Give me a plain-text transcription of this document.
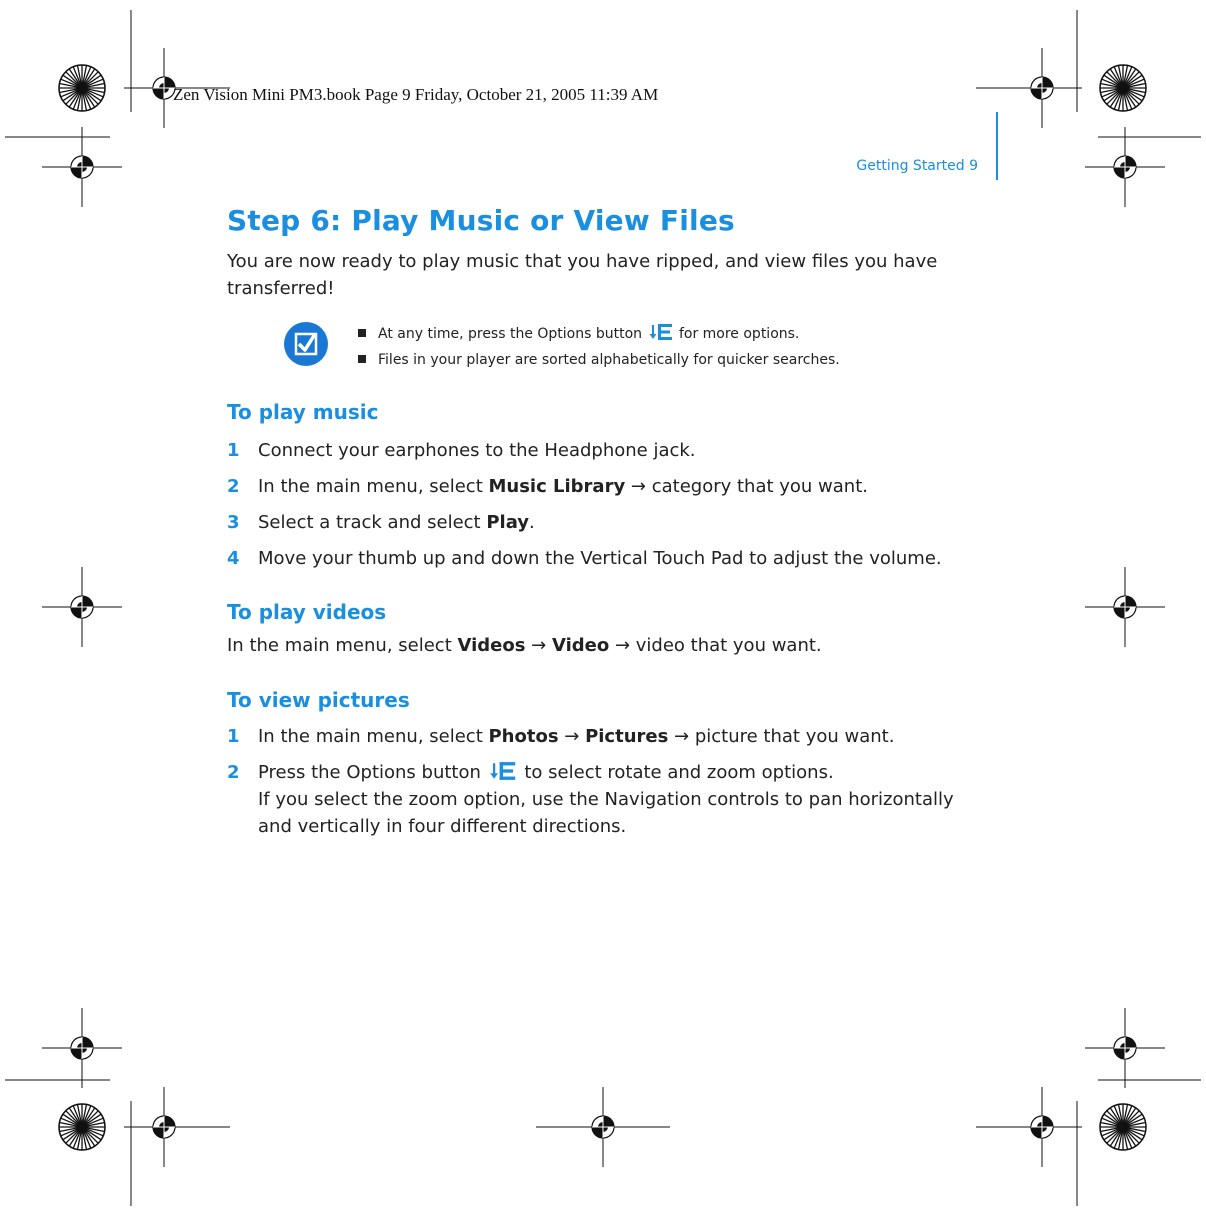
Zen Vision Mini PM3.book Page 9 Friday, October 21, 2005 11:39 AM
Getting Started 9
Step 6: Play Music or View Files
You are now ready to play music that you have ripped, and view files you have transferred!
At any time, press the Options button	for more options.
Files in your player are sorted alphabetically for quicker searches.
To play music
1 Connect your earphones to the Headphone jack.
2 In the main menu, select Music Library → category that you want.
3 Select a track and select Play.
4 Move your thumb up and down the Vertical Touch Pad to adjust the volume.
To play videos
In the main menu, select Videos → Video → video that you want.
To view pictures
1 In the main menu, select Photos → Pictures → picture that you want.
2 Press the Options button to select rotate and zoom options.
If you select the zoom option, use the Navigation controls to pan horizontally
and vertically in four different directions.
